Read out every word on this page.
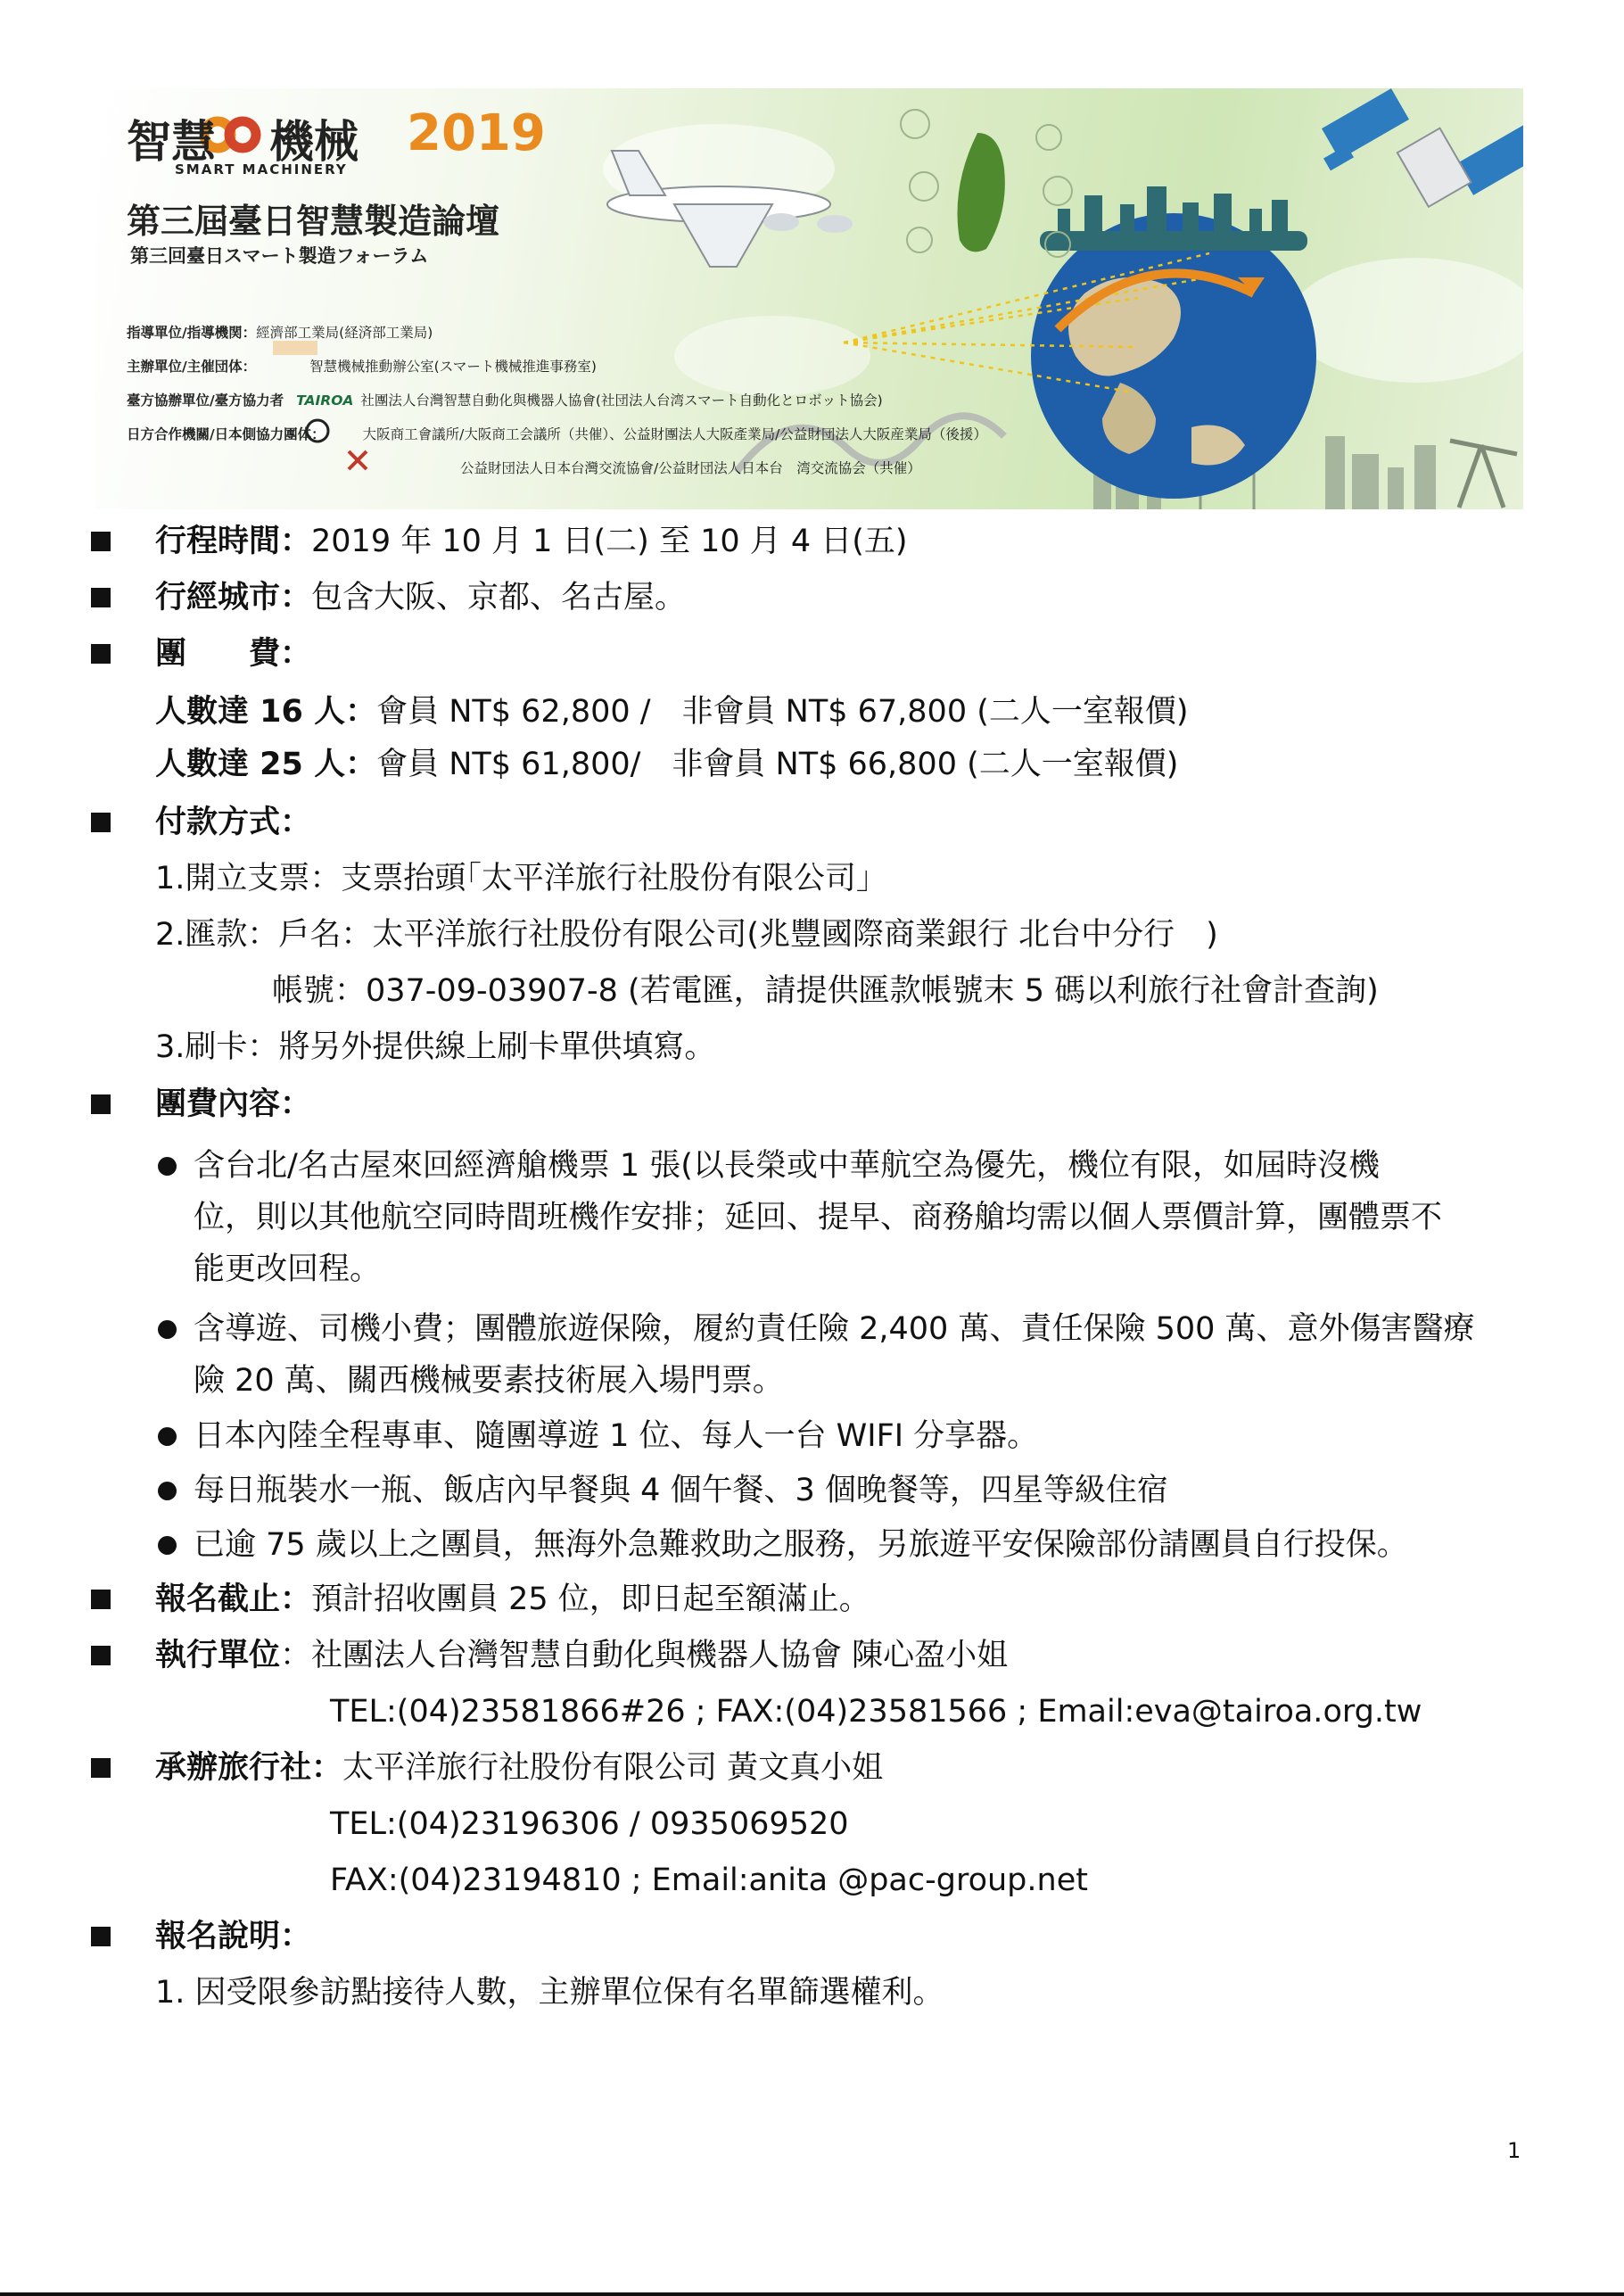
智慧 機械 2019
SMART MACHINERY
第三屆臺日智慧製造論壇
第三回臺日スマート製造フォーラム
指導單位/指導機関：經濟部工業局(経済部工業局)
主辦單位/主催団体：	智慧機械推動辦公室(スマート機械推進事務室)
臺方協辦單位/臺方協力者 TAIROA 社團法人台灣智慧自動化與機器人協會(社団法人台湾スマート自動化とロボット協会)
日方合作機關/日本側協力團体：	大阪商工會議所/大阪商工会議所（共催）、公益財團法人大阪產業局/公益財団法人大阪産業局（後援）
公益財団法人日本台灣交流協會/公益財団法人日本台　湾交流協会（共催）
行程時間：2019 年 10 月 1 日(二) 至 10 月 4 日(五)
行經城市：包含大阪、京都、名古屋。
團　　費：
人數達 16 人：會員 NT$ 62,800 /　非會員 NT$ 67,800 (二人一室報價)
人數達 25 人：會員 NT$ 61,800/　非會員 NT$ 66,800 (二人一室報價)
付款方式：
1.開立支票：支票抬頭｢太平洋旅行社股份有限公司｣
2.匯款：戶名：太平洋旅行社股份有限公司(兆豐國際商業銀行 北台中分行　)
帳號：037-09-03907-8 (若電匯，請提供匯款帳號末 5 碼以利旅行社會計查詢)
3.刷卡：將另外提供線上刷卡單供填寫。
團費內容：
含台北/名古屋來回經濟艙機票 1 張(以長榮或中華航空為優先，機位有限，如屆時沒機
位，則以其他航空同時間班機作安排；延回、提早、商務艙均需以個人票價計算，團體票不
能更改回程。
含導遊、司機小費；團體旅遊保險，履約責任險 2,400 萬、責任保險 500 萬、意外傷害醫療
險 20 萬、關西機械要素技術展入場門票。
日本內陸全程專車、隨團導遊 1 位、每人一台 WIFI 分享器。
每日瓶裝水一瓶、飯店內早餐與 4 個午餐、3 個晚餐等，四星等級住宿
已逾 75 歲以上之團員，無海外急難救助之服務，另旅遊平安保險部份請團員自行投保。
報名截止：預計招收團員 25 位，即日起至額滿止。
執行單位：社團法人台灣智慧自動化與機器人協會 陳心盈小姐
TEL:(04)23581866#26 ; FAX:(04)23581566 ; Email:eva@tairoa.org.tw
承辦旅行社：太平洋旅行社股份有限公司 黃文真小姐
TEL:(04)23196306 / 0935069520
FAX:(04)23194810 ; Email:anita @pac-group.net
報名說明：
1. 因受限參訪點接待人數，主辦單位保有名單篩選權利。
1
